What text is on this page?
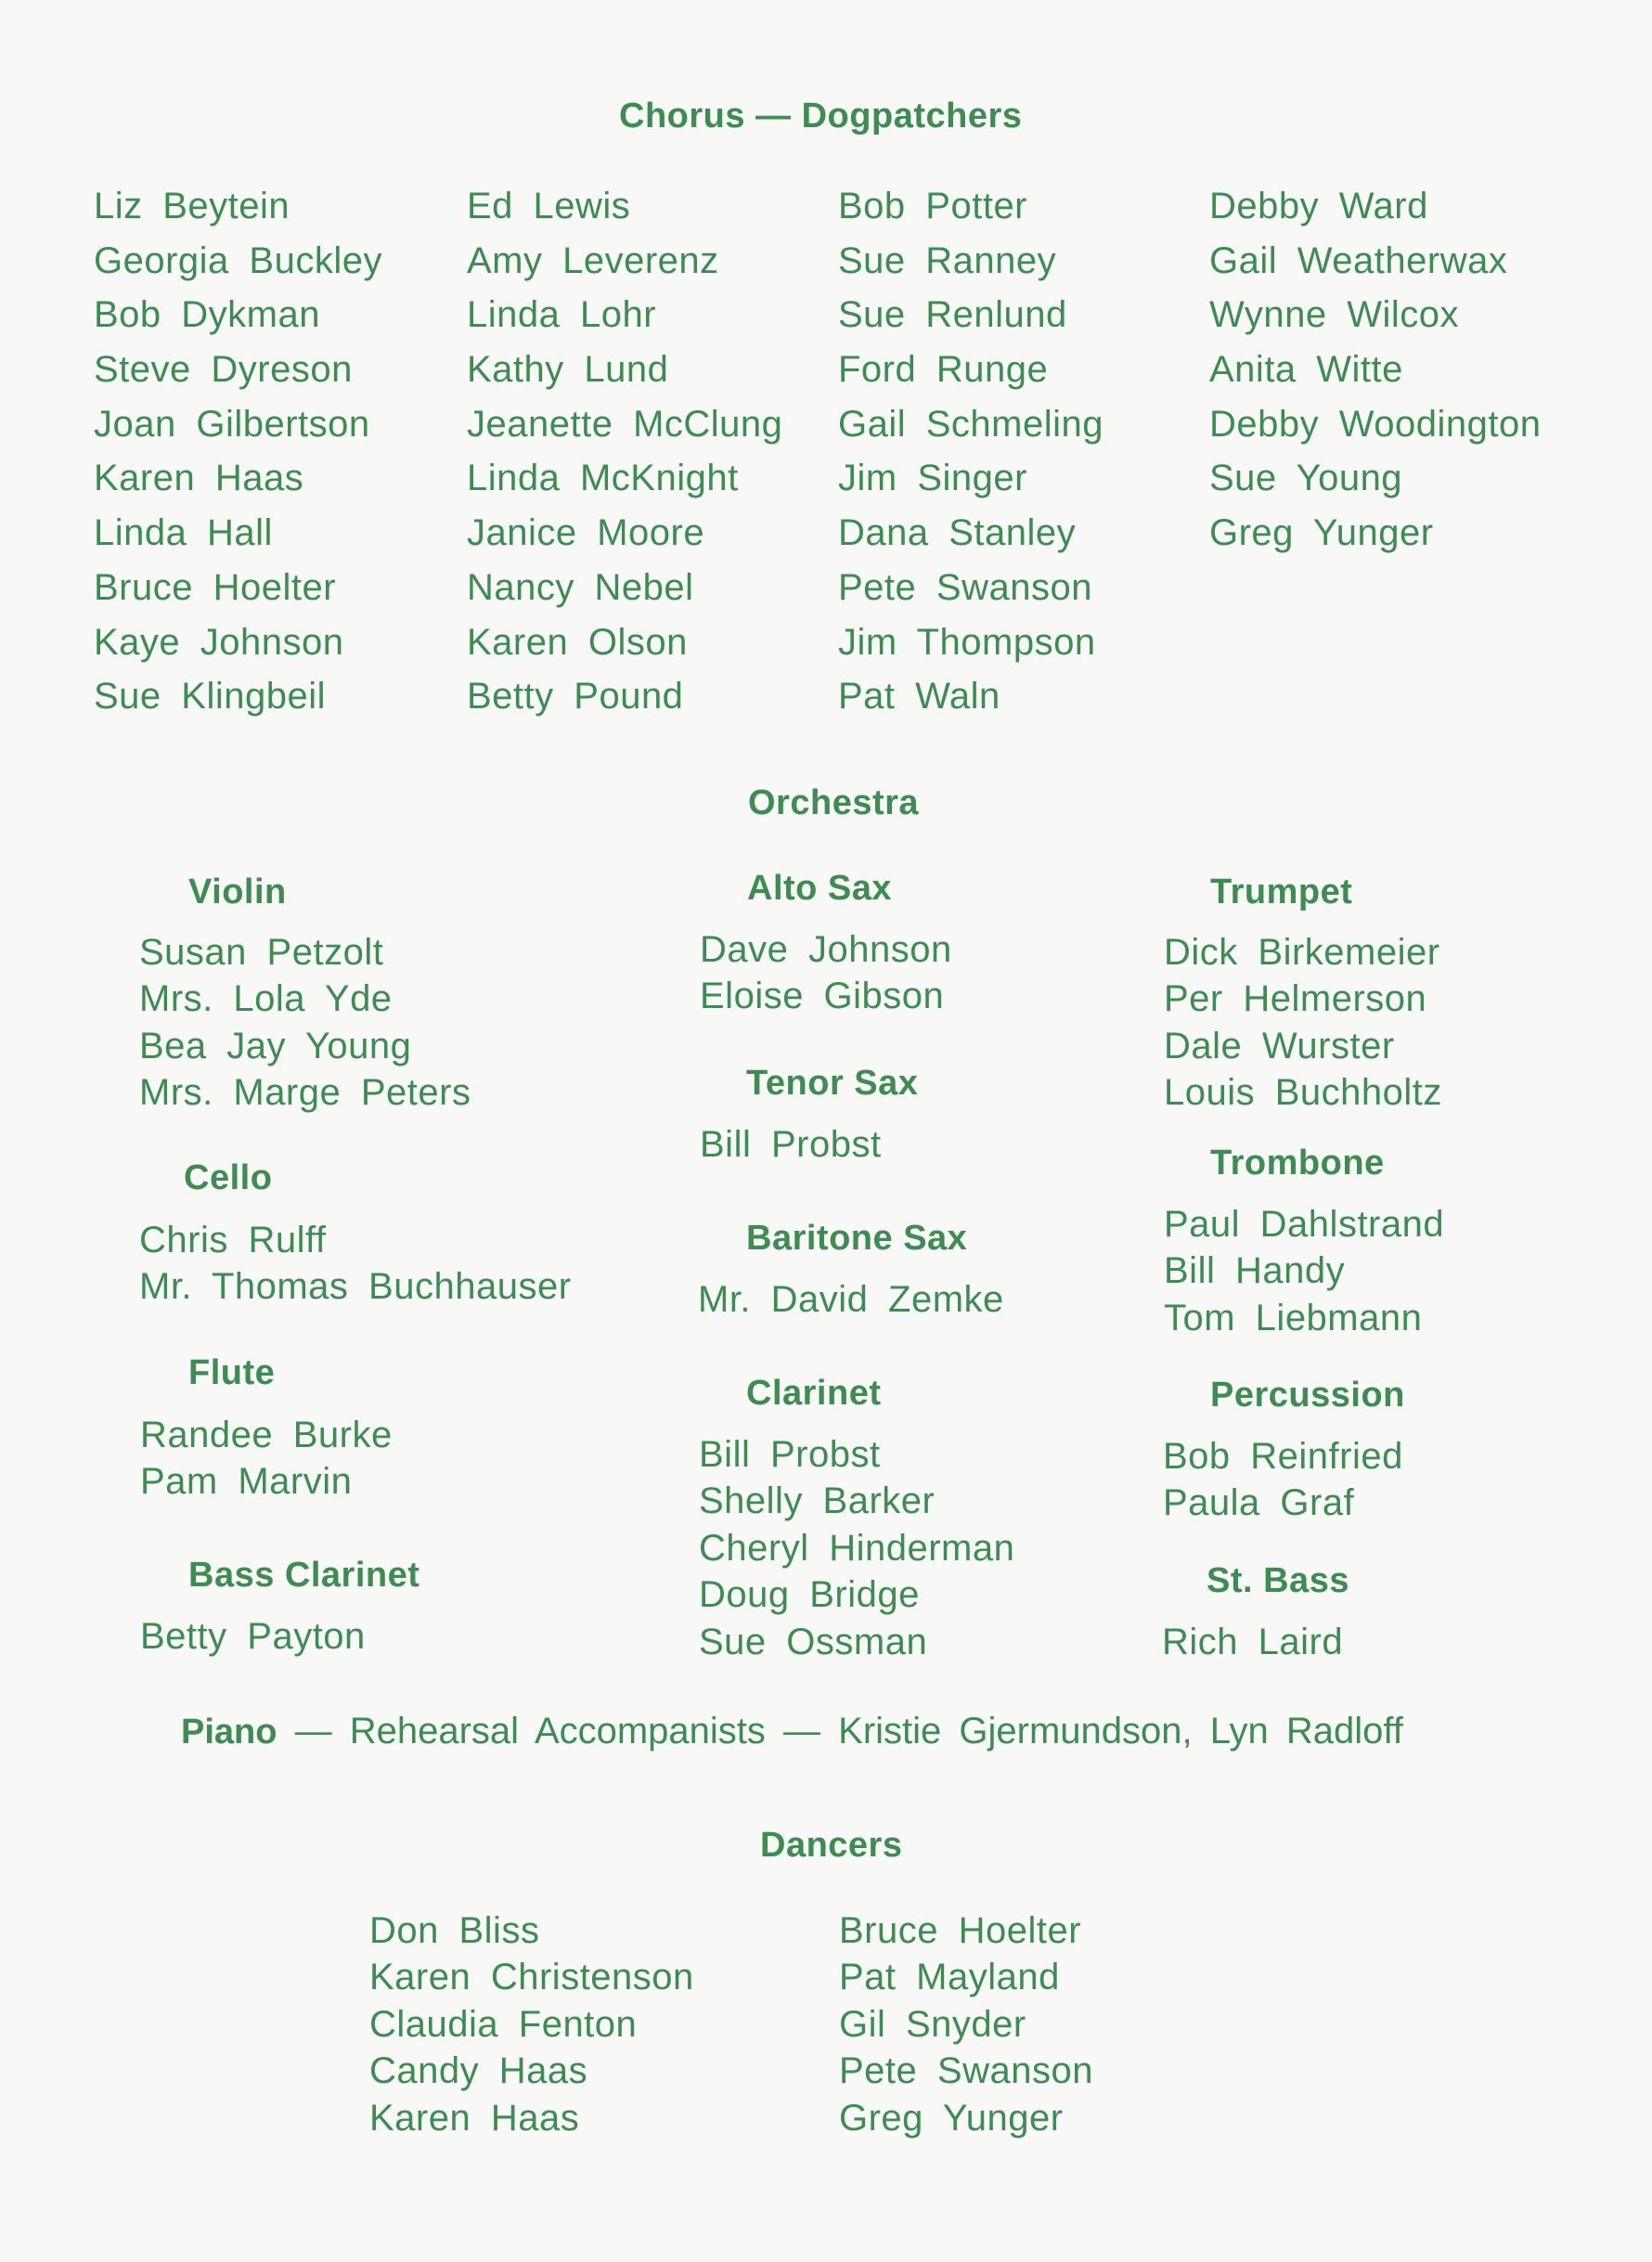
Chorus — Dogpatchers
Liz Beytein
Georgia Buckley
Bob Dykman
Steve Dyreson
Joan Gilbertson
Karen Haas
Linda Hall
Bruce Hoelter
Kaye Johnson
Sue Klingbeil
Ed Lewis
Amy Leverenz
Linda Lohr
Kathy Lund
Jeanette McClung
Linda McKnight
Janice Moore
Nancy Nebel
Karen Olson
Betty Pound
Bob Potter
Sue Ranney
Sue Renlund
Ford Runge
Gail Schmeling
Jim Singer
Dana Stanley
Pete Swanson
Jim Thompson
Pat Waln
Debby Ward
Gail Weatherwax
Wynne Wilcox
Anita Witte
Debby Woodington
Sue Young
Greg Yunger
Orchestra
Violin
Susan Petzolt
Mrs. Lola Yde
Bea Jay Young
Mrs. Marge Peters
Cello
Chris Rulff
Mr. Thomas Buchhauser
Flute
Randee Burke
Pam Marvin
Bass Clarinet
Betty Payton
Alto Sax
Dave Johnson
Eloise Gibson
Tenor Sax
Bill Probst
Baritone Sax
Mr. David Zemke
Clarinet
Bill Probst
Shelly Barker
Cheryl Hinderman
Doug Bridge
Sue Ossman
Trumpet
Dick Birkemeier
Per Helmerson
Dale Wurster
Louis Buchholtz
Trombone
Paul Dahlstrand
Bill Handy
Tom Liebmann
Percussion
Bob Reinfried
Paula Graf
St. Bass
Rich Laird
Piano — Rehearsal Accompanists — Kristie Gjermundson, Lyn Radloff
Dancers
Don Bliss
Karen Christenson
Claudia Fenton
Candy Haas
Karen Haas
Bruce Hoelter
Pat Mayland
Gil Snyder
Pete Swanson
Greg Yunger
